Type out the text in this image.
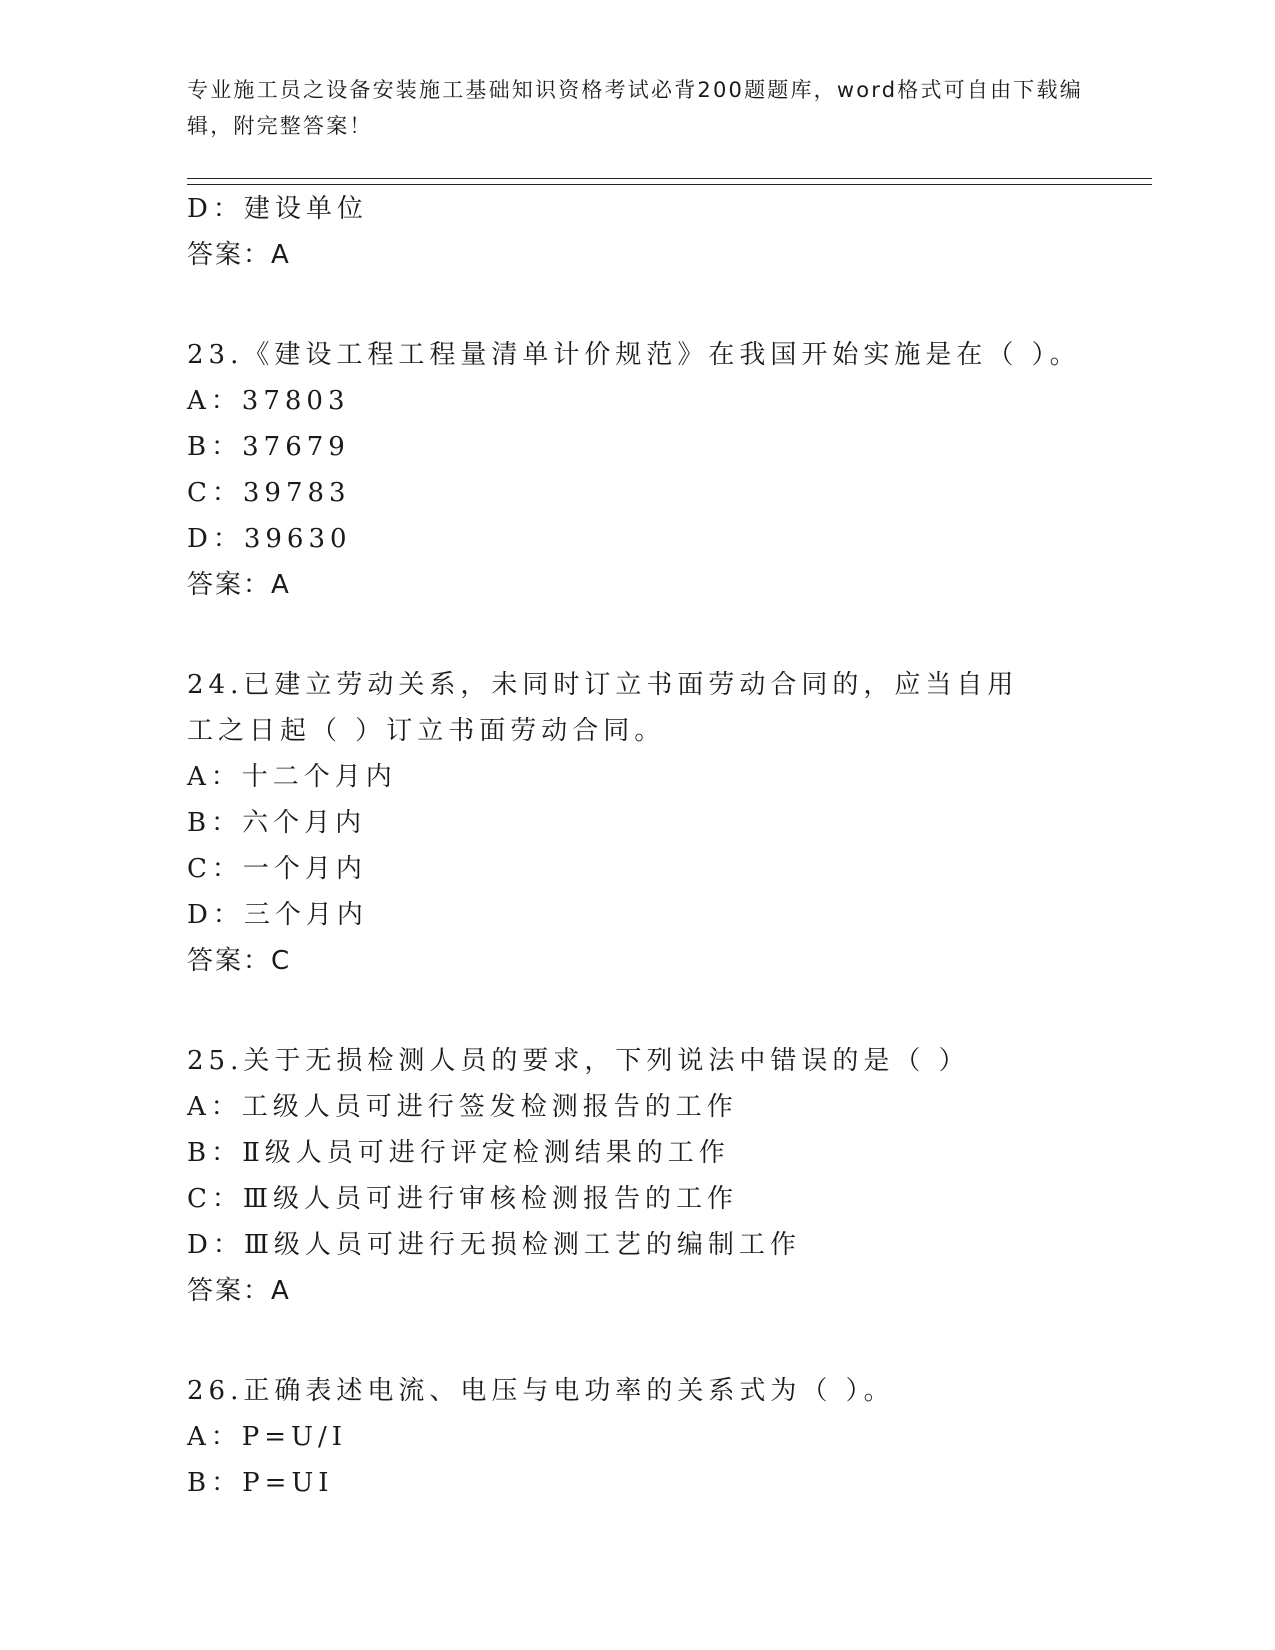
专业施工员之设备安装施工基础知识资格考试必背200题题库，word格式可自由下载编辑，附完整答案！
D：建设单位
答案：A
23.《建设工程工程量清单计价规范》在我国开始实施是在（ ）。
A：37803
B：37679
C：39783
D：39630
答案：A
24.已建立劳动关系，未同时订立书面劳动合同的，应当自用工之日起（ ）订立书面劳动合同。
A：十二个月内
B：六个月内
C：一个月内
D：三个月内
答案：C
25.关于无损检测人员的要求，下列说法中错误的是（ ）
A：工级人员可进行签发检测报告的工作
B：Ⅱ级人员可进行评定检测结果的工作
C：Ⅲ级人员可进行审核检测报告的工作
D：Ⅲ级人员可进行无损检测工艺的编制工作
答案：A
26.正确表述电流、电压与电功率的关系式为（ ）。
A：P=U/I
B：P=UI
